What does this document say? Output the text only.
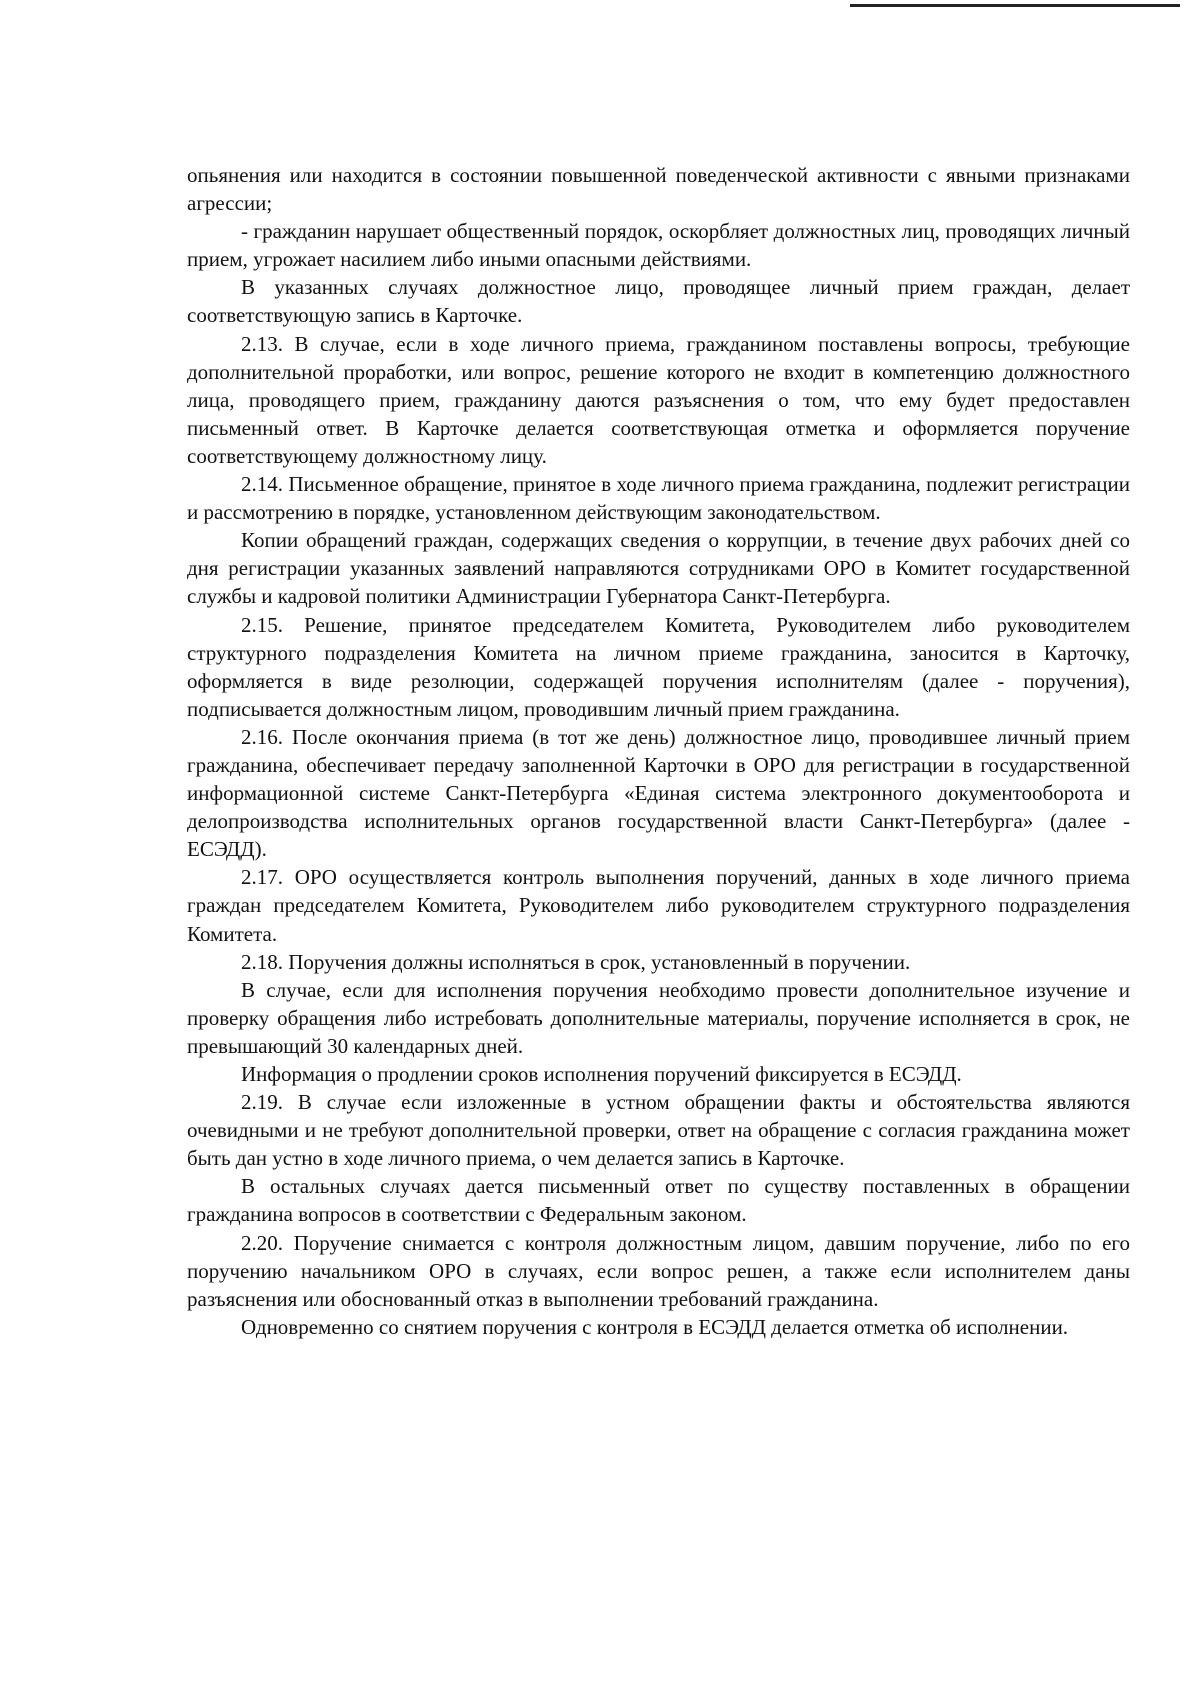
опьянения или находится в состоянии повышенной поведенческой активности с явными признаками агрессии;

- гражданин нарушает общественный порядок, оскорбляет должностных лиц, проводящих личный прием, угрожает насилием либо иными опасными действиями.

В указанных случаях должностное лицо, проводящее личный прием граждан, делает соответствующую запись в Карточке.

2.13. В случае, если в ходе личного приема, гражданином поставлены вопросы, требующие дополнительной проработки, или вопрос, решение которого не входит в компетенцию должностного лица, проводящего прием, гражданину даются разъяснения о том, что ему будет предоставлен письменный ответ. В Карточке делается соответствующая отметка и оформляется поручение соответствующему должностному лицу.

2.14. Письменное обращение, принятое в ходе личного приема гражданина, подлежит регистрации и рассмотрению в порядке, установленном действующим законодательством.

Копии обращений граждан, содержащих сведения о коррупции, в течение двух рабочих дней со дня регистрации указанных заявлений направляются сотрудниками ОРО в Комитет государственной службы и кадровой политики Администрации Губернатора Санкт-Петербурга.

2.15. Решение, принятое председателем Комитета, Руководителем либо руководителем структурного подразделения Комитета на личном приеме гражданина, заносится в Карточку, оформляется в виде резолюции, содержащей поручения исполнителям (далее - поручения), подписывается должностным лицом, проводившим личный прием гражданина.

2.16. После окончания приема (в тот же день) должностное лицо, проводившее личный прием гражданина, обеспечивает передачу заполненной Карточки в ОРО для регистрации в государственной информационной системе Санкт-Петербурга «Единая система электронного документооборота и делопроизводства исполнительных органов государственной власти Санкт-Петербурга» (далее - ЕСЭДД).

2.17. ОРО осуществляется контроль выполнения поручений, данных в ходе личного приема граждан председателем Комитета, Руководителем либо руководителем структурного подразделения Комитета.

2.18. Поручения должны исполняться в срок, установленный в поручении.

В случае, если для исполнения поручения необходимо провести дополнительное изучение и проверку обращения либо истребовать дополнительные материалы, поручение исполняется в срок, не превышающий 30 календарных дней.

Информация о продлении сроков исполнения поручений фиксируется в ЕСЭДД.

2.19. В случае если изложенные в устном обращении факты и обстоятельства являются очевидными и не требуют дополнительной проверки, ответ на обращение с согласия гражданина может быть дан устно в ходе личного приема, о чем делается запись в Карточке.

В остальных случаях дается письменный ответ по существу поставленных в обращении гражданина вопросов в соответствии с Федеральным законом.

2.20. Поручение снимается с контроля должностным лицом, давшим поручение, либо по его поручению начальником ОРО в случаях, если вопрос решен, а также если исполнителем даны разъяснения или обоснованный отказ в выполнении требований гражданина.

Одновременно со снятием поручения с контроля в ЕСЭДД делается отметка об исполнении.
